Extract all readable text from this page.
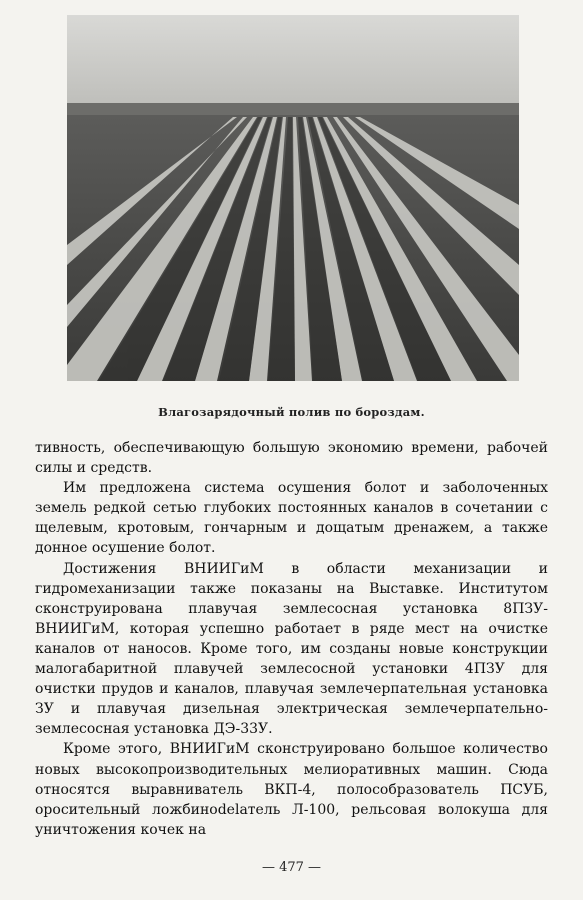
Влагозарядочный полив по бороздам.

тивность, обеспечивающую большую экономию времени, рабочей силы и средств.

Им предложена система осушения болот и заболоченных земель редкой сетью глубоких постоянных каналов в сочетании с щелевым, кротовым, гончарным и дощатым дренажем, а также донное осушение болот.

Достижения ВНИИГиМ в области механизации и гидромеханизации также показаны на Выставке. Институтом сконструирована плавучая землесосная установка 8ПЗУ-ВНИИГиМ, которая успешно работает в ряде мест на очистке каналов от наносов. Кроме того, им созданы новые конструкции малогабаритной плавучей землесосной установки 4ПЗУ для очистки прудов и каналов, плавучая землечерпательная установка ЗУ и плавучая дизельная электрическая землечерпательно-землесосная установка ДЭ-33У.

Кроме этого, ВНИИГиМ сконструировано большое количество новых высокопроизводительных мелиоративных машин. Сюда относятся выравниватель ВКП-4, полособразователь ПСУБ, оросительный ложбинodelатель Л-100, рельсовая волокуша для уничтожения кочек на

— 477 —
